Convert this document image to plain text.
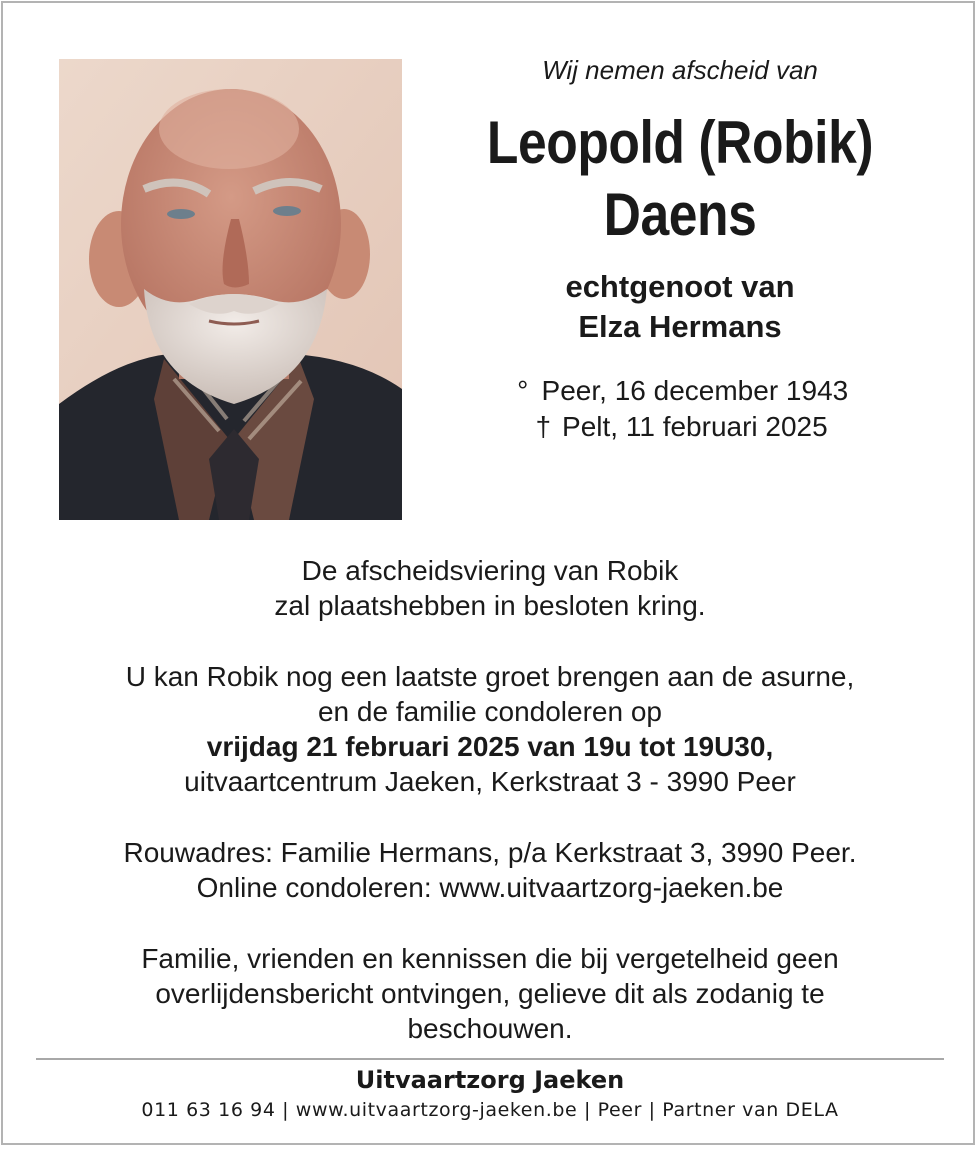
Wij nemen afscheid van
Leopold (Robik)
Daens
echtgenoot van
Elza Hermans
° Peer, 16 december 1943
† Pelt, 11 februari 2025

De afscheidsviering van Robik

zal plaatshebben in besloten kring.

U kan Robik nog een laatste groet brengen aan de asurne,

en de familie condoleren op

vrijdag 21 februari 2025 van 19u tot 19U30,

uitvaartcentrum Jaeken, Kerkstraat 3 - 3990 Peer

Rouwadres: Familie Hermans, p/a Kerkstraat 3, 3990 Peer.

Online condoleren: www.uitvaartzorg-jaeken.be

Familie, vrienden en kennissen die bij vergetelheid geen

overlijdensbericht ontvingen, gelieve dit als zodanig te

beschouwen.

Uitvaartzorg Jaeken
011 63 16 94 | www.uitvaartzorg-jaeken.be | Peer | Partner van DELA
